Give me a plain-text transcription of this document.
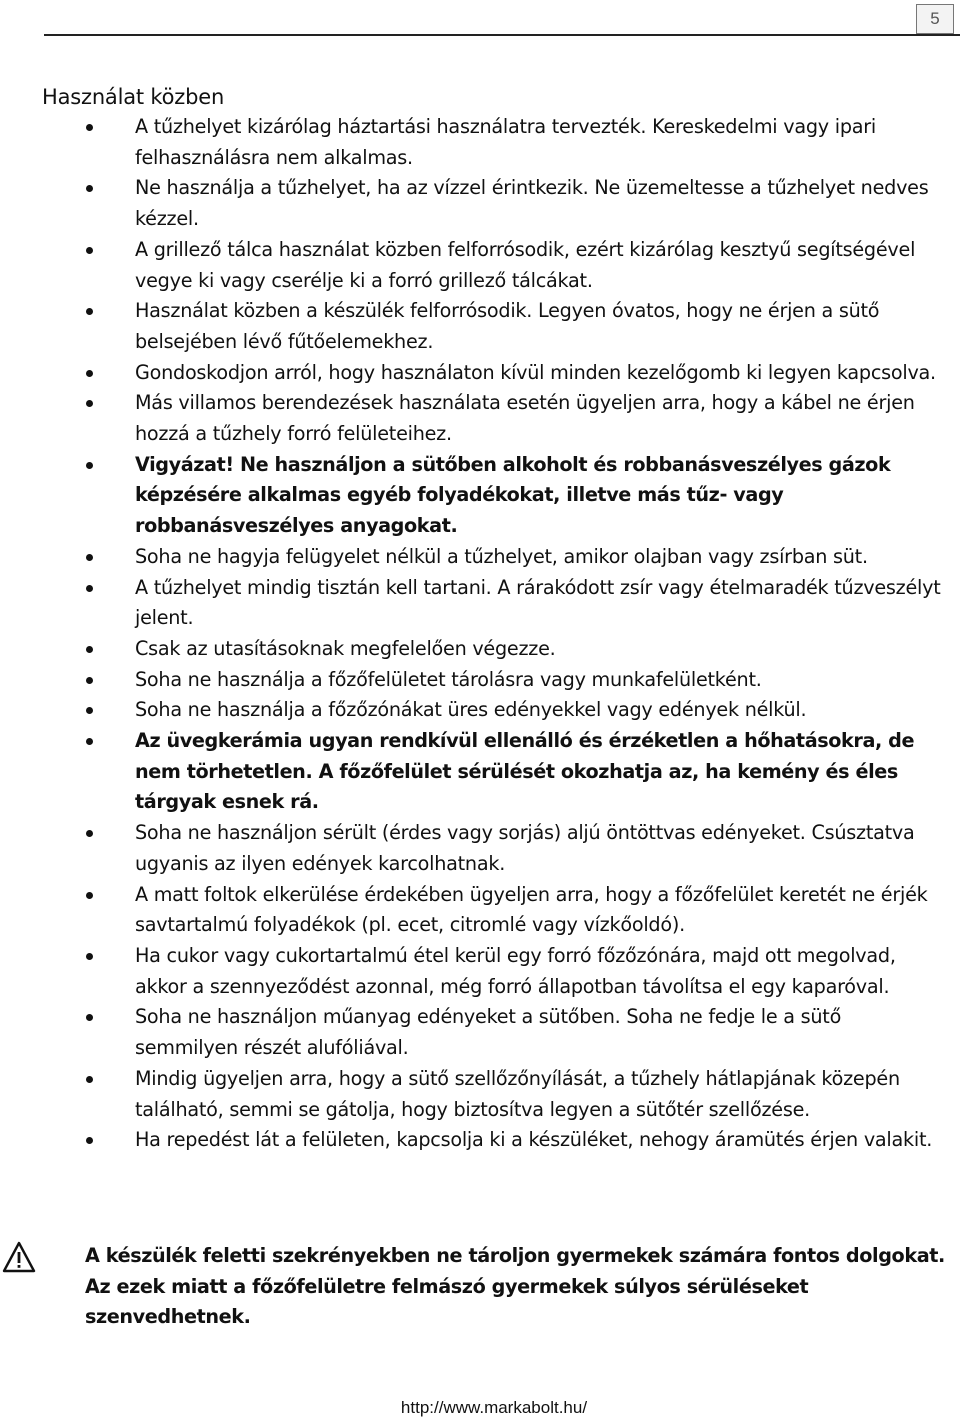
5
Használat közben
A tűzhelyet kizárólag háztartási használatra tervezték. Kereskedelmi vagy ipari felhasználásra nem alkalmas.
Ne használja a tűzhelyet, ha az vízzel érintkezik. Ne üzemeltesse a tűzhelyet nedves kézzel.
A grillező tálca használat közben felforrósodik, ezért kizárólag kesztyű segítségével vegye ki vagy cserélje ki a forró grillező tálcákat.
Használat közben a készülék felforrósodik. Legyen óvatos, hogy ne érjen a sütő belsejében lévő fűtőelemekhez.
Gondoskodjon arról, hogy használaton kívül minden kezelőgomb ki legyen kapcsolva.
Más villamos berendezések használata esetén ügyeljen arra, hogy a kábel ne érjen hozzá a tűzhely forró felületeihez.
Vigyázat! Ne használjon a sütőben alkoholt és robbanásveszélyes gázok képzésére alkalmas egyéb folyadékokat, illetve más tűz- vagy robbanásveszélyes anyagokat.
Soha ne hagyja felügyelet nélkül a tűzhelyet, amikor olajban vagy zsírban süt.
A tűzhelyet mindig tisztán kell tartani. A rárakódott zsír vagy ételmaradék tűzveszélyt jelent.
Csak az utasításoknak megfelelően végezze.
Soha ne használja a főzőfelületet tárolásra vagy munkafelületként.
Soha ne használja a főzőzónákat üres edényekkel vagy edények nélkül.
Az üvegkerámia ugyan rendkívül ellenálló és érzéketlen a hőhatásokra, de nem törhetetlen. A főzőfelület sérülését okozhatja az, ha kemény és éles tárgyak esnek rá.
Soha ne használjon sérült (érdes vagy sorjás) aljú öntöttvas edényeket. Csúsztatva ugyanis az ilyen edények karcolhatnak.
A matt foltok elkerülése érdekében ügyeljen arra, hogy a főzőfelület keretét ne érjék savtartalmú folyadékok (pl. ecet, citromlé vagy vízkőoldó).
Ha cukor vagy cukortartalmú étel kerül egy forró főzőzónára, majd ott megolvad, akkor a szennyeződést azonnal, még forró állapotban távolítsa el egy kaparóval.
Soha ne használjon műanyag edényeket a sütőben. Soha ne fedje le a sütő semmilyen részét alufóliával.
Mindig ügyeljen arra, hogy a sütő szellőzőnyílását, a tűzhely hátlapjának közepén található, semmi se gátolja, hogy biztosítva legyen a sütőtér szellőzése.
Ha repedést lát a felületen, kapcsolja ki a készüléket, nehogy áramütés érjen valakit.

A készülék feletti szekrényekben ne tároljon gyermekek számára fontos dolgokat. Az ezek miatt a főzőfelületre felmászó gyermekek súlyos sérüléseket szenvedhetnek.

http://www.markabolt.hu/
